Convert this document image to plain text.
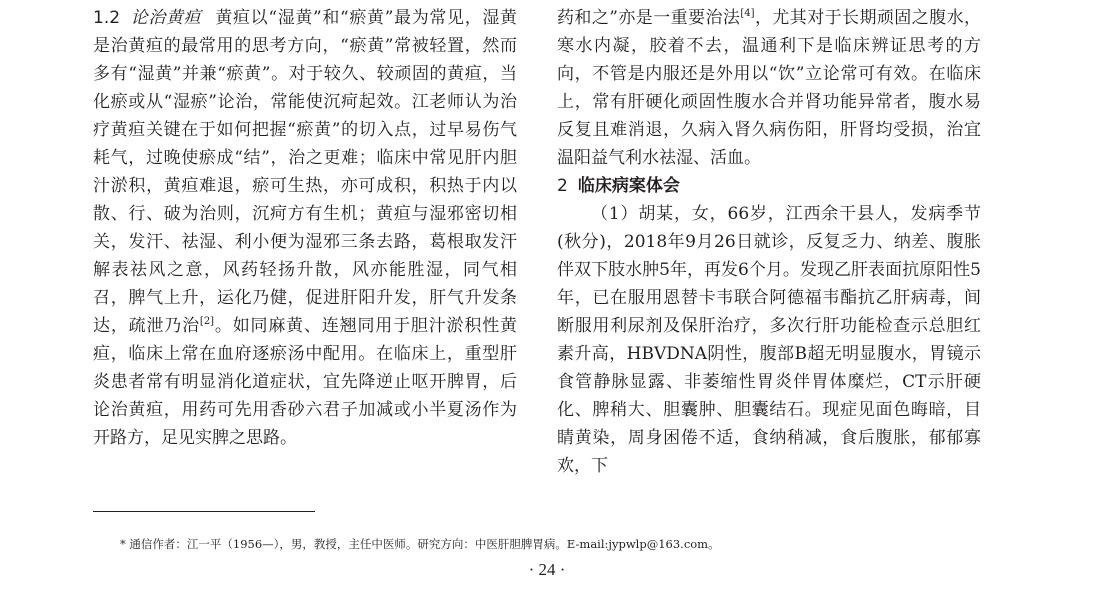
1.2 论治黄疸 黄疸以“湿黄”和“瘀黄”最为常见，湿黄是治黄疸的最常用的思考方向，“瘀黄”常被轻置，然而多有“湿黄”并兼“瘀黄”。对于较久、较顽固的黄疸，当化瘀或从“湿瘀”论治，常能使沉疴起效。江老师认为治疗黄疸关键在于如何把握“瘀黄”的切入点，过早易伤气耗气，过晚使瘀成“结”，治之更难；临床中常见肝内胆汁淤积，黄疸难退，瘀可生热，亦可成积，积热于内以散、行、破为治则，沉疴方有生机；黄疸与湿邪密切相关，发汗、祛湿、利小便为湿邪三条去路，葛根取发汗解表祛风之意，风药轻扬升散，风亦能胜湿，同气相召，脾气上升，运化乃健，促进肝阳升发，肝气升发条达，疏泄乃治[2]。如同麻黄、连翘同用于胆汁淤积性黄疸，临床上常在血府逐瘀汤中配用。在临床上，重型肝炎患者常有明显消化道症状，宜先降逆止呕开脾胃，后论治黄疸，用药可先用香砂六君子加减或小半夏汤作为开路方，足见实脾之思路。

药和之”亦是一重要治法[4]，尤其对于长期顽固之腹水，寒水内凝，胶着不去，温通利下是临床辨证思考的方向，不管是内服还是外用以“饮”立论常可有效。在临床上，常有肝硬化顽固性腹水合并肾功能异常者，腹水易反复且难消退，久病入肾久病伤阳，肝肾均受损，治宜温阳益气利水祛湿、活血。

2 临床病案体会

（1）胡某，女，66岁，江西余干县人，发病季节(秋分)，2018年9月26日就诊，反复乏力、纳差、腹胀伴双下肢水肿5年，再发6个月。发现乙肝表面抗原阳性5年，已在服用恩替卡韦联合阿德福韦酯抗乙肝病毒，间断服用利尿剂及保肝治疗，多次行肝功能检查示总胆红素升高，HBVDNA阴性，腹部B超无明显腹水，胃镜示食管静脉显露、非萎缩性胃炎伴胃体糜烂，CT示肝硬化、脾稍大、胆囊肿、胆囊结石。现症见面色晦暗，目睛黄染，周身困倦不适，食纳稍减，食后腹胀，郁郁寡欢，下

* 通信作者：江一平（1956—），男，教授，主任中医师。研究方向：中医肝胆脾胃病。E-mail:jypwlp@163.com。
· 24 ·
